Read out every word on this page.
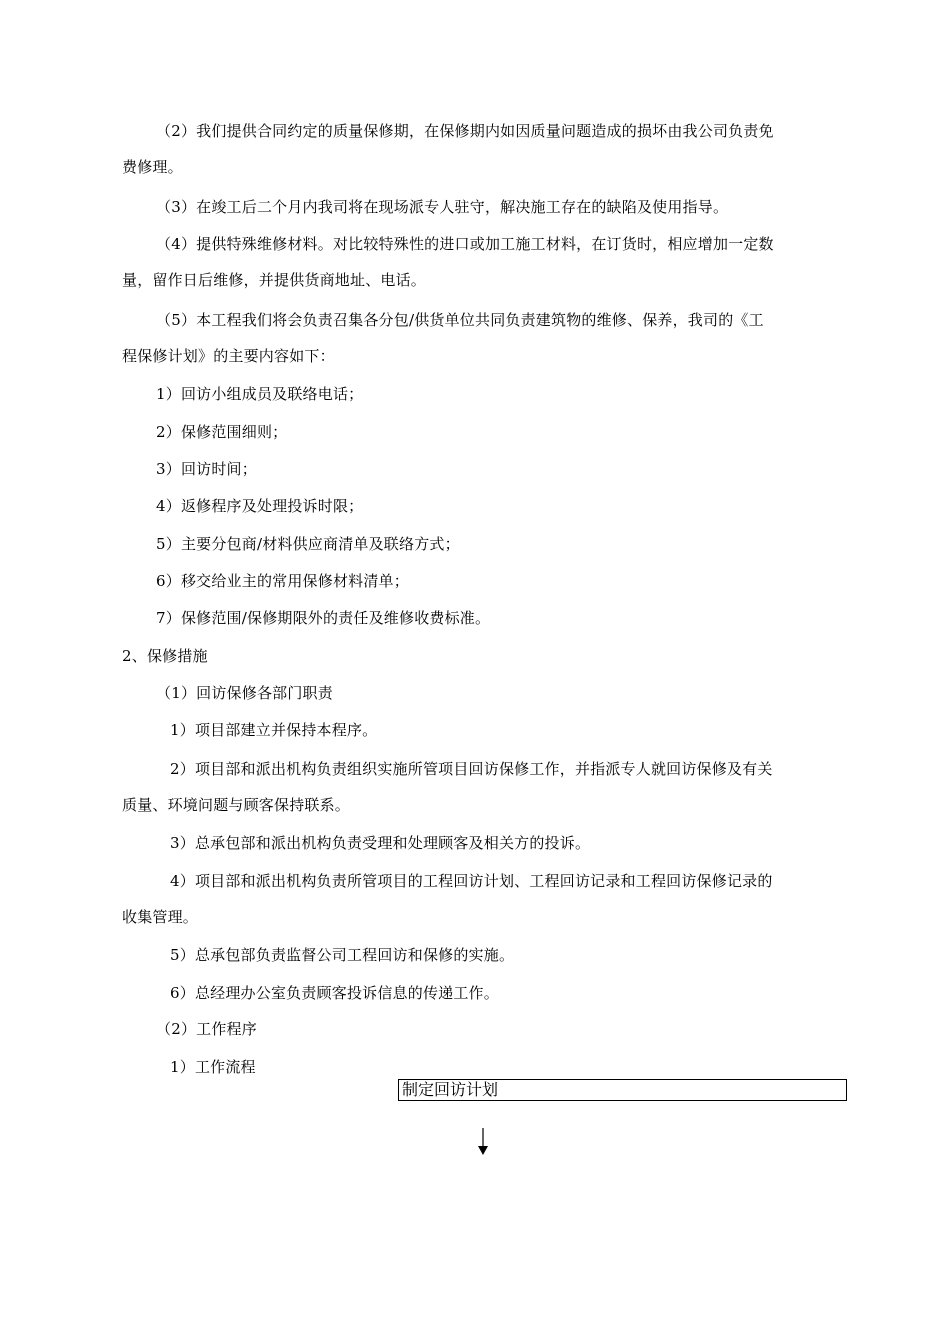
（2）我们提供合同约定的质量保修期，在保修期内如因质量问题造成的损坏由我公司负责免
费修理。
（3）在竣工后二个月内我司将在现场派专人驻守，解决施工存在的缺陷及使用指导。
（4）提供特殊维修材料。对比较特殊性的进口或加工施工材料，在订货时，相应增加一定数
量，留作日后维修，并提供货商地址、电话。
（5）本工程我们将会负责召集各分包/供货单位共同负责建筑物的维修、保养，我司的《工
程保修计划》的主要内容如下：
1）回访小组成员及联络电话；
2）保修范围细则；
3）回访时间；
4）返修程序及处理投诉时限；
5）主要分包商/材料供应商清单及联络方式；
6）移交给业主的常用保修材料清单；
7）保修范围/保修期限外的责任及维修收费标准。
2、保修措施
（1）回访保修各部门职责
1）项目部建立并保持本程序。
2）项目部和派出机构负责组织实施所管项目回访保修工作，并指派专人就回访保修及有关
质量、环境问题与顾客保持联系。
3）总承包部和派出机构负责受理和处理顾客及相关方的投诉。
4）项目部和派出机构负责所管项目的工程回访计划、工程回访记录和工程回访保修记录的
收集管理。
5）总承包部负责监督公司工程回访和保修的实施。
6）总经理办公室负责顾客投诉信息的传递工作。
（2）工作程序
1）工作流程
制定回访计划
